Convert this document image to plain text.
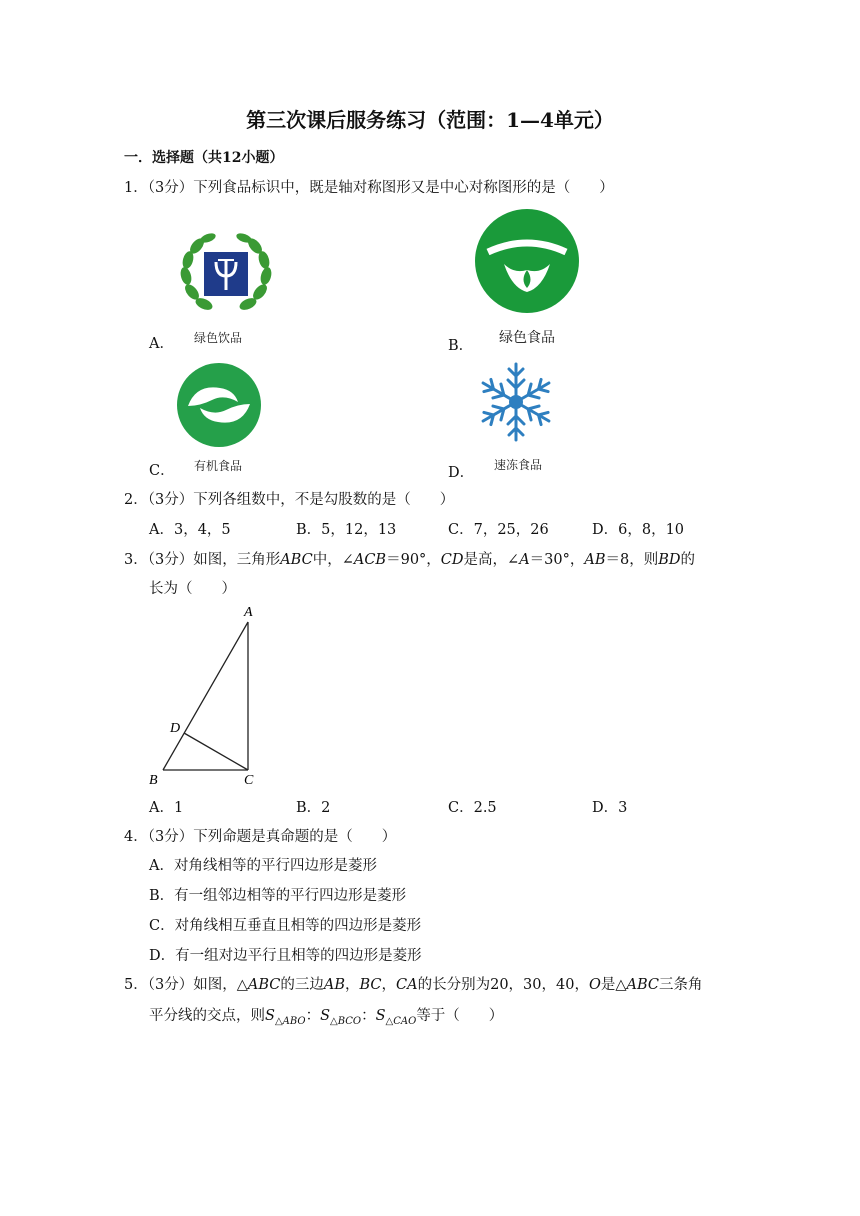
第三次课后服务练习（范围：1—4单元）
一．选择题（共12小题）
1．（3分）下列食品标识中，既是轴对称图形又是中心对称图形的是（　　）
A． 绿色饮品	B． 绿色食品
C． 有机食品	D． 速冻食品
2．（3分）下列各组数中，不是勾股数的是（　　）
A．3，4，5	B．5，12，13	C．7，25，26	D．6，8，10
3．（3分）如图，三角形ABC中，∠ACB＝90°，CD是高，∠A＝30°，AB＝8，则BD的
长为（　　）
A
B	C
D
A．1	B．2	C．2.5	D．3
4．（3分）下列命题是真命题的是（　　）
A．对角线相等的平行四边形是菱形
B．有一组邻边相等的平行四边形是菱形
C．对角线相互垂直且相等的四边形是菱形
D．有一组对边平行且相等的四边形是菱形
5．（3分）如图，△ABC的三边AB，BC，CA的长分别为20，30，40，O是△ABC三条角
平分线的交点，则$S_{\triangle ABO}$：$S_{\triangle BCO}$：$S_{\triangle CAO}$等于（　　）
